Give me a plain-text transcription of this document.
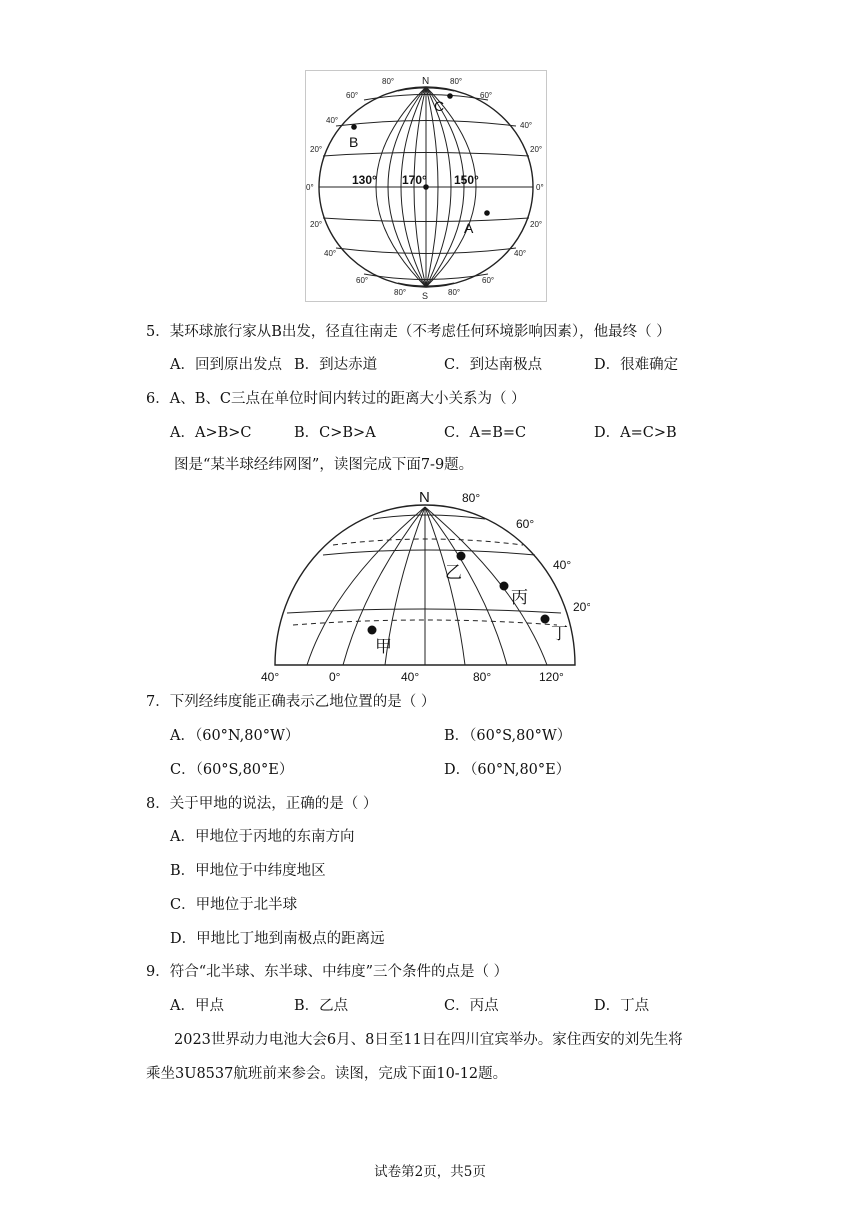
N
S
80°	80°
60°	60°
40°
40°
20°	20°
0°	0°
20°	20°
40°	40°
60°	60°
80°	80°
130° 170° 150°
B
C
A
5．某环球旅行家从B出发，径直往南走（不考虑任何环境影响因素），他最终（ ）
A．回到原出发点 B．到达赤道	C．到达南极点	D．很难确定
6．A、B、C三点在单位时间内转过的距离大小关系为（ ）
A．A>B>C	B．C>B>A	C．A=B=C	D．A=C>B
图是“某半球经纬网图”，读图完成下面7-9题。
N	80°
60°
40°
20°
40°	0°	40°	80°	120°
乙
丙
丁
甲
7．下列经纬度能正确表示乙地位置的是（ ）
A．（60°N,80°W）	B．（60°S,80°W）
C．（60°S,80°E）	D．（60°N,80°E）
8．关于甲地的说法，正确的是（ ）
A．甲地位于丙地的东南方向
B．甲地位于中纬度地区
C．甲地位于北半球
D．甲地比丁地到南极点的距离远
9．符合“北半球、东半球、中纬度”三个条件的点是（ ）
A．甲点	B．乙点	C．丙点	D．丁点
2023世界动力电池大会6月、8日至11日在四川宜宾举办。家住西安的刘先生将
乘坐3U8537航班前来参会。读图，完成下面10-12题。
试卷第2页，共5页
